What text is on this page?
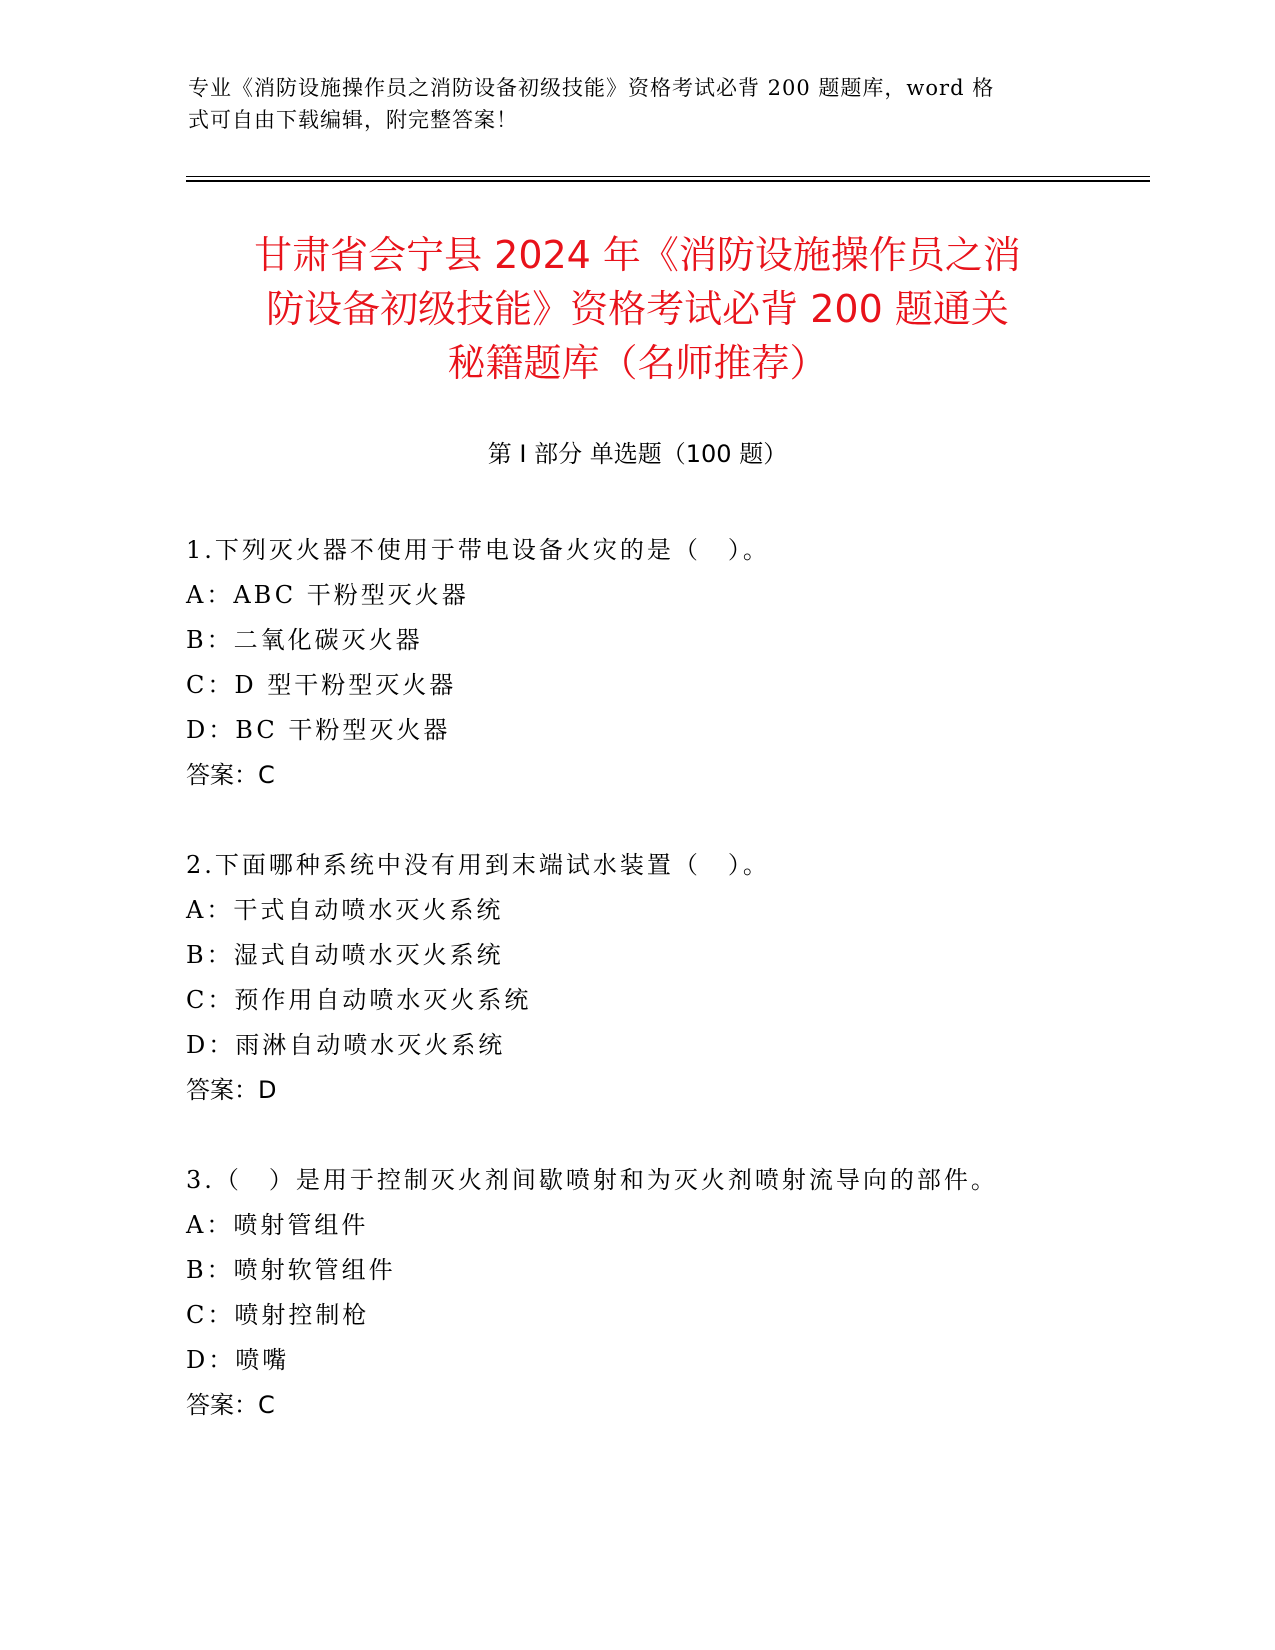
专业《消防设施操作员之消防设备初级技能》资格考试必背 200 题题库，word 格
式可自由下载编辑，附完整答案！
甘肃省会宁县 2024 年《消防设施操作员之消
防设备初级技能》资格考试必背 200 题通关
秘籍题库（名师推荐）
第 I 部分 单选题（100 题）
1.下列灭火器不使用于带电设备火灾的是（　）。
A：ABC 干粉型灭火器
B：二氧化碳灭火器
C：D 型干粉型灭火器
D：BC 干粉型灭火器
答案：C
2.下面哪种系统中没有用到末端试水装置（　）。
A：干式自动喷水灭火系统
B：湿式自动喷水灭火系统
C：预作用自动喷水灭火系统
D：雨淋自动喷水灭火系统
答案：D
3.（　）是用于控制灭火剂间歇喷射和为灭火剂喷射流导向的部件。
A：喷射管组件
B：喷射软管组件
C：喷射控制枪
D：喷嘴
答案：C
